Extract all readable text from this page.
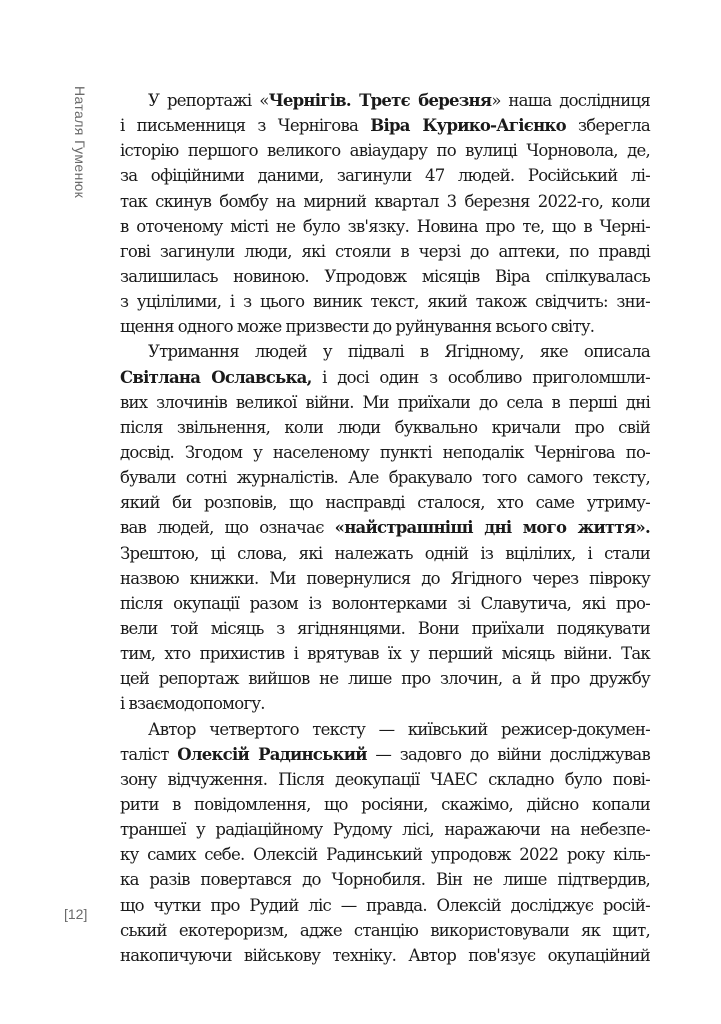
Наталя Гуменюк
[12]
У репортажі «Чернігів. Третє березня» наша дослідниця
і письменниця з Чернігова Віра Курико-Агієнко зберегла
історію першого великого авіаудару по вулиці Чорновола, де,
за офіційними даними, загинули 47 людей. Російський лі-
так скинув бомбу на мирний квартал 3 березня 2022-го, коли
в оточеному місті не було зв'язку. Новина про те, що в Черні-
гові загинули люди, які стояли в черзі до аптеки, по правді
залишилась новиною. Упродовж місяців Віра спілкувалась
з уцілілими, і з цього виник текст, який також свідчить: зни-
щення одного може призвести до руйнування всього світу.
Утримання людей у підвалі в Ягідному, яке описала
Світлана Ославська, і досі один з особливо приголомшли-
вих злочинів великої війни. Ми приїхали до села в перші дні
після звільнення, коли люди буквально кричали про свій
досвід. Згодом у населеному пункті неподалік Чернігова по-
бували сотні журналістів. Але бракувало того самого тексту,
який би розповів, що насправді сталося, хто саме утриму-
вав людей, що означає «найстрашніші дні мого життя».
Зрештою, ці слова, які належать одній із вцілілих, і стали
назвою книжки. Ми повернулися до Ягідного через півроку
після окупації разом із волонтерками зі Славутича, які про-
вели той місяць з ягіднянцями. Вони приїхали подякувати
тим, хто прихистив і врятував їх у перший місяць війни. Так
цей репортаж вийшов не лише про злочин, а й про дружбу
і взаємодопомогу.
Автор четвертого тексту — київський режисер-докумен-
таліст Олексій Радинський — задовго до війни досліджував
зону відчуження. Після деокупації ЧАЕС складно було пові-
рити в повідомлення, що росіяни, скажімо, дійсно копали
траншеї у радіаційному Рудому лісі, наражаючи на небезпе-
ку самих себе. Олексій Радинський упродовж 2022 року кіль-
ка разів повертався до Чорнобиля. Він не лише підтвердив,
що чутки про Рудий ліс — правда. Олексій досліджує росій-
ський екотероризм, адже станцію використовували як щит,
накопичуючи військову техніку. Автор пов'язує окупаційний
